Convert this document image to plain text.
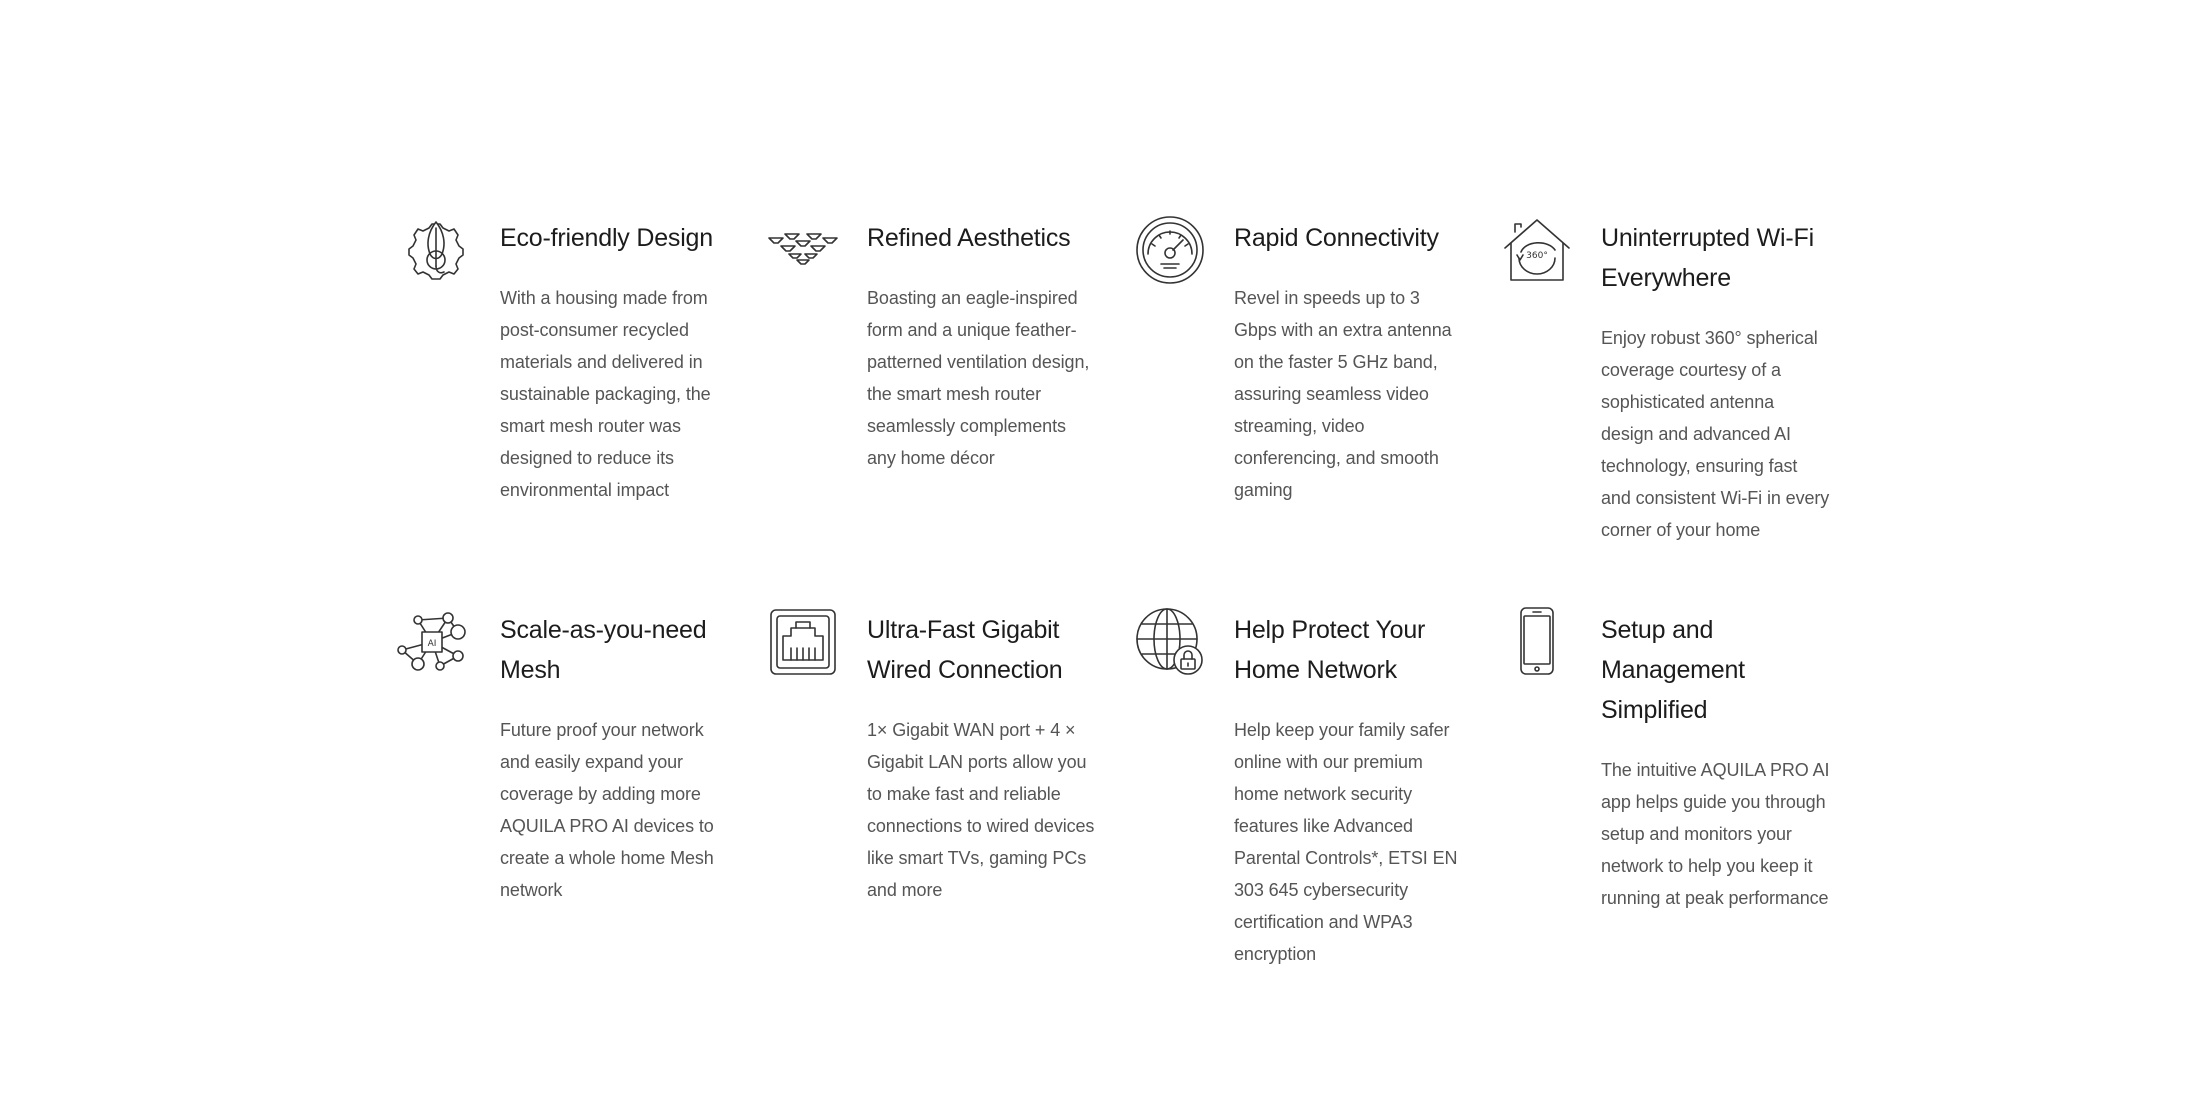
Eco-friendly Design
With a housing made from post-consumer recycled materials and delivered in sustainable packaging, the smart mesh router was designed to reduce its environmental impact
Refined Aesthetics
Boasting an eagle-inspired form and a unique feather-patterned ventilation design, the smart mesh router seamlessly complements any home décor
Rapid Connectivity
Revel in speeds up to 3 Gbps with an extra antenna on the faster 5 GHz band, assuring seamless video streaming, video conferencing, and smooth gaming
360°
Uninterrupted Wi-Fi Everywhere
Enjoy robust 360° spherical coverage courtesy of a sophisticated antenna design and advanced AI technology, ensuring fast and consistent Wi-Fi in every corner of your home
AI	Scale-as-you-need Mesh
Future proof your network and easily expand your coverage by adding more AQUILA PRO AI devices to create a whole home Mesh network
Ultra-Fast Gigabit Wired Connection
1× Gigabit WAN port + 4 × Gigabit LAN ports allow you to make fast and reliable connections to wired devices like smart TVs, gaming PCs and more
Help Protect Your Home Network
Help keep your family safer online with our premium home network security features like Advanced Parental Controls*, ETSI EN 303 645 cybersecurity certification and WPA3 encryption
Setup and Management Simplified
The intuitive AQUILA PRO AI app helps guide you through setup and monitors your network to help you keep it running at peak performance
